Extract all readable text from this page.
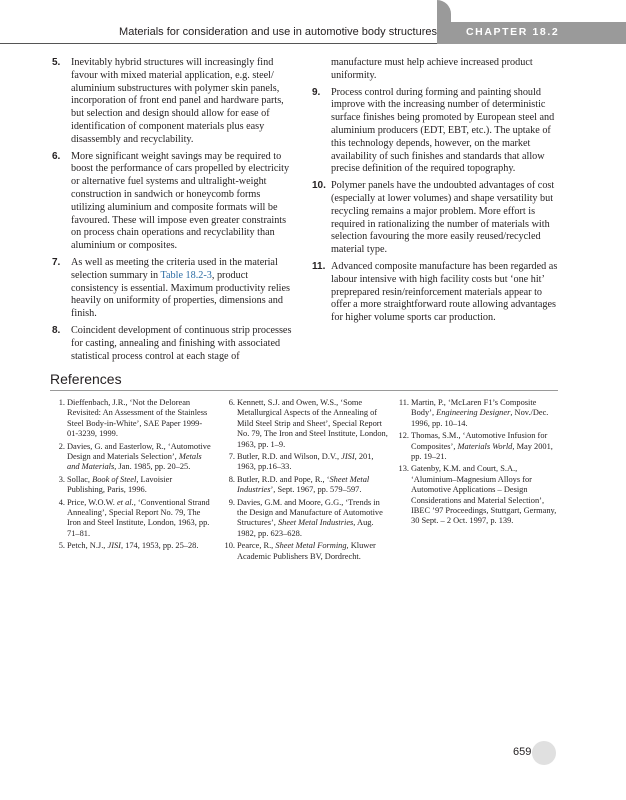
Materials for consideration and use in automotive body structures	CHAPTER 18.2
5. Inevitably hybrid structures will increasingly find favour with mixed material application, e.g. steel/ aluminium substructures with polymer skin panels, incorporation of front end panel and hardware parts, but selection and design should allow for ease of identification of component materials plus easy disassembly and recyclability.
6. More significant weight savings may be required to boost the performance of cars propelled by electricity or alternative fuel systems and ultralight-weight construction in sandwich or honeycomb forms utilizing aluminium and composite formats will be favoured. These will impose even greater constraints on process chain operations and recyclability than aluminium or composites.
7. As well as meeting the criteria used in the material selection summary in Table 18.2-3, product consistency is essential. Maximum productivity relies heavily on uniformity of properties, dimensions and finish.
8. Coincident development of continuous strip processes for casting, annealing and finishing with associated statistical process control at each stage of
manufacture must help achieve increased product uniformity.
9. Process control during forming and painting should improve with the increasing number of deterministic surface finishes being promoted by European steel and aluminium producers (EDT, EBT, etc.). The uptake of this technology depends, however, on the market availability of such finishes and standards that allow precise definition of the required topography.
10. Polymer panels have the undoubted advantages of cost (especially at lower volumes) and shape versatility but recycling remains a major problem. More effort is required in rationalizing the number of materials with selection favouring the more easily reused/recycled material type.
11. Advanced composite manufacture has been regarded as labour intensive with high facility costs but ‘one hit’ preprepared resin/reinforcement materials appear to offer a more straightforward route allowing advantages for higher volume sports car production.
References
1. Dieffenbach, J.R., ‘Not the Delorean Revisited: An Assessment of the Stainless Steel Body-in-White’, SAE Paper 1999-01-3239, 1999.
2. Davies, G. and Easterlow, R., ‘Automotive Design and Materials Selection’, Metals and Materials, Jan. 1985, pp. 20–25.
3. Sollac, Book of Steel, Lavoisier Publishing, Paris, 1996.
4. Price, W.O.W. et al., ‘Conventional Strand Annealing’, Special Report No. 79, The Iron and Steel Institute, London, 1963, pp. 71–81.
5. Petch, N.J., JISI, 174, 1953, pp. 25–28.
6. Kennett, S.J. and Owen, W.S., ‘Some Metallurgical Aspects of the Annealing of Mild Steel Strip and Sheet’, Special Report No. 79, The Iron and Steel Institute, London, 1963, pp. 1–9.
7. Butler, R.D. and Wilson, D.V., JISI, 201, 1963, pp.16–33.
8. Butler, R.D. and Pope, R., ‘Sheet Metal Industries’, Sept. 1967, pp. 579–597.
9. Davies, G.M. and Moore, G.G., ‘Trends in the Design and Manufacture of Automotive Structures’, Sheet Metal Industries, Aug. 1982, pp. 623–628.
10. Pearce, R., Sheet Metal Forming, Kluwer Academic Publishers BV, Dordrecht.
11. Martin, P., ‘McLaren F1’s Composite Body’, Engineering Designer, Nov./Dec. 1996, pp. 10–14.
12. Thomas, S.M., ‘Automotive Infusion for Composites’, Materials World, May 2001, pp. 19–21.
13. Gatenby, K.M. and Court, S.A., ‘Aluminium–Magnesium Alloys for Automotive Applications – Design Considerations and Material Selection’, IBEC ’97 Proceedings, Stuttgart, Germany, 30 Sept. – 2 Oct. 1997, p. 139.
659
